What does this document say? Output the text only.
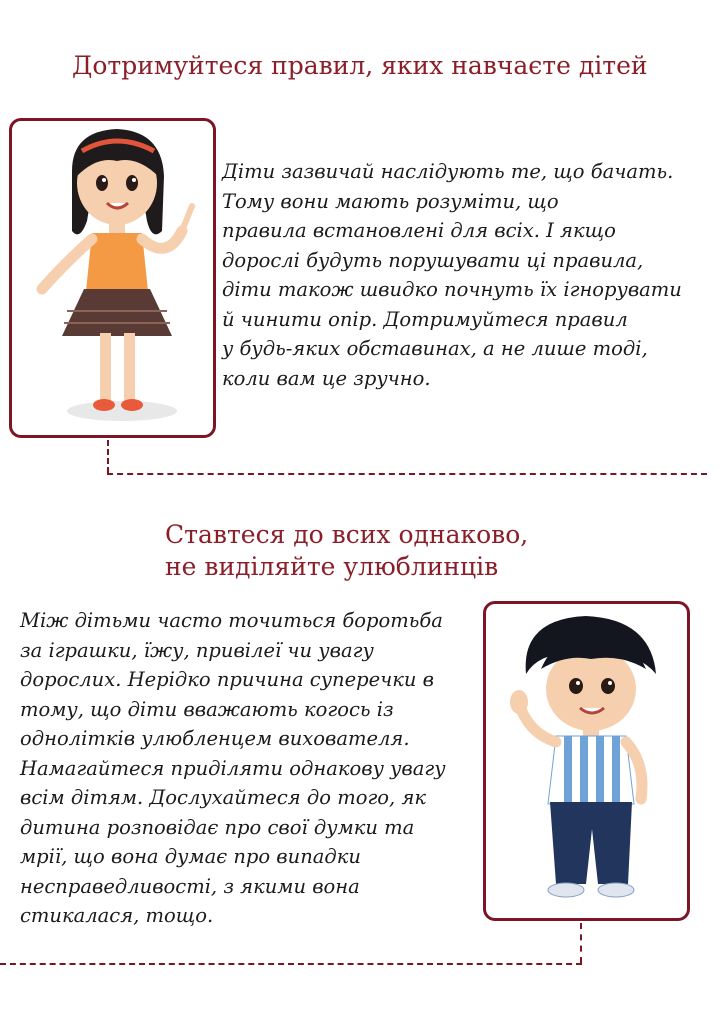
Дотримуйтеся правил, яких навчаєте дітей

Діти зазвичай наслідують те, що бачать.
Тому вони мають розуміти, що
правила встановлені для всіх. І якщо
дорослі будуть порушувати ці правила,
діти також швидко почнуть їх ігнорувати
й чинити опір. Дотримуйтеся правил
у будь-яких обставинах, а не лише тоді,
коли вам це зручно.

Ставтеся до всих однаково,
не виділяйте улюблинців

Між дітьми часто точиться боротьба
за іграшки, їжу, привілеї чи увагу
дорослих. Нерідко причина суперечки в
тому, що діти вважають когось із
однолітків улюбленцем вихователя.
Намагайтеся приділяти однакову увагу
всім дітям. Дослухайтеся до того, як
дитина розповідає про свої думки та
мрії, що вона думає про випадки
несправедливості, з якими вона
стикалася, тощо.
